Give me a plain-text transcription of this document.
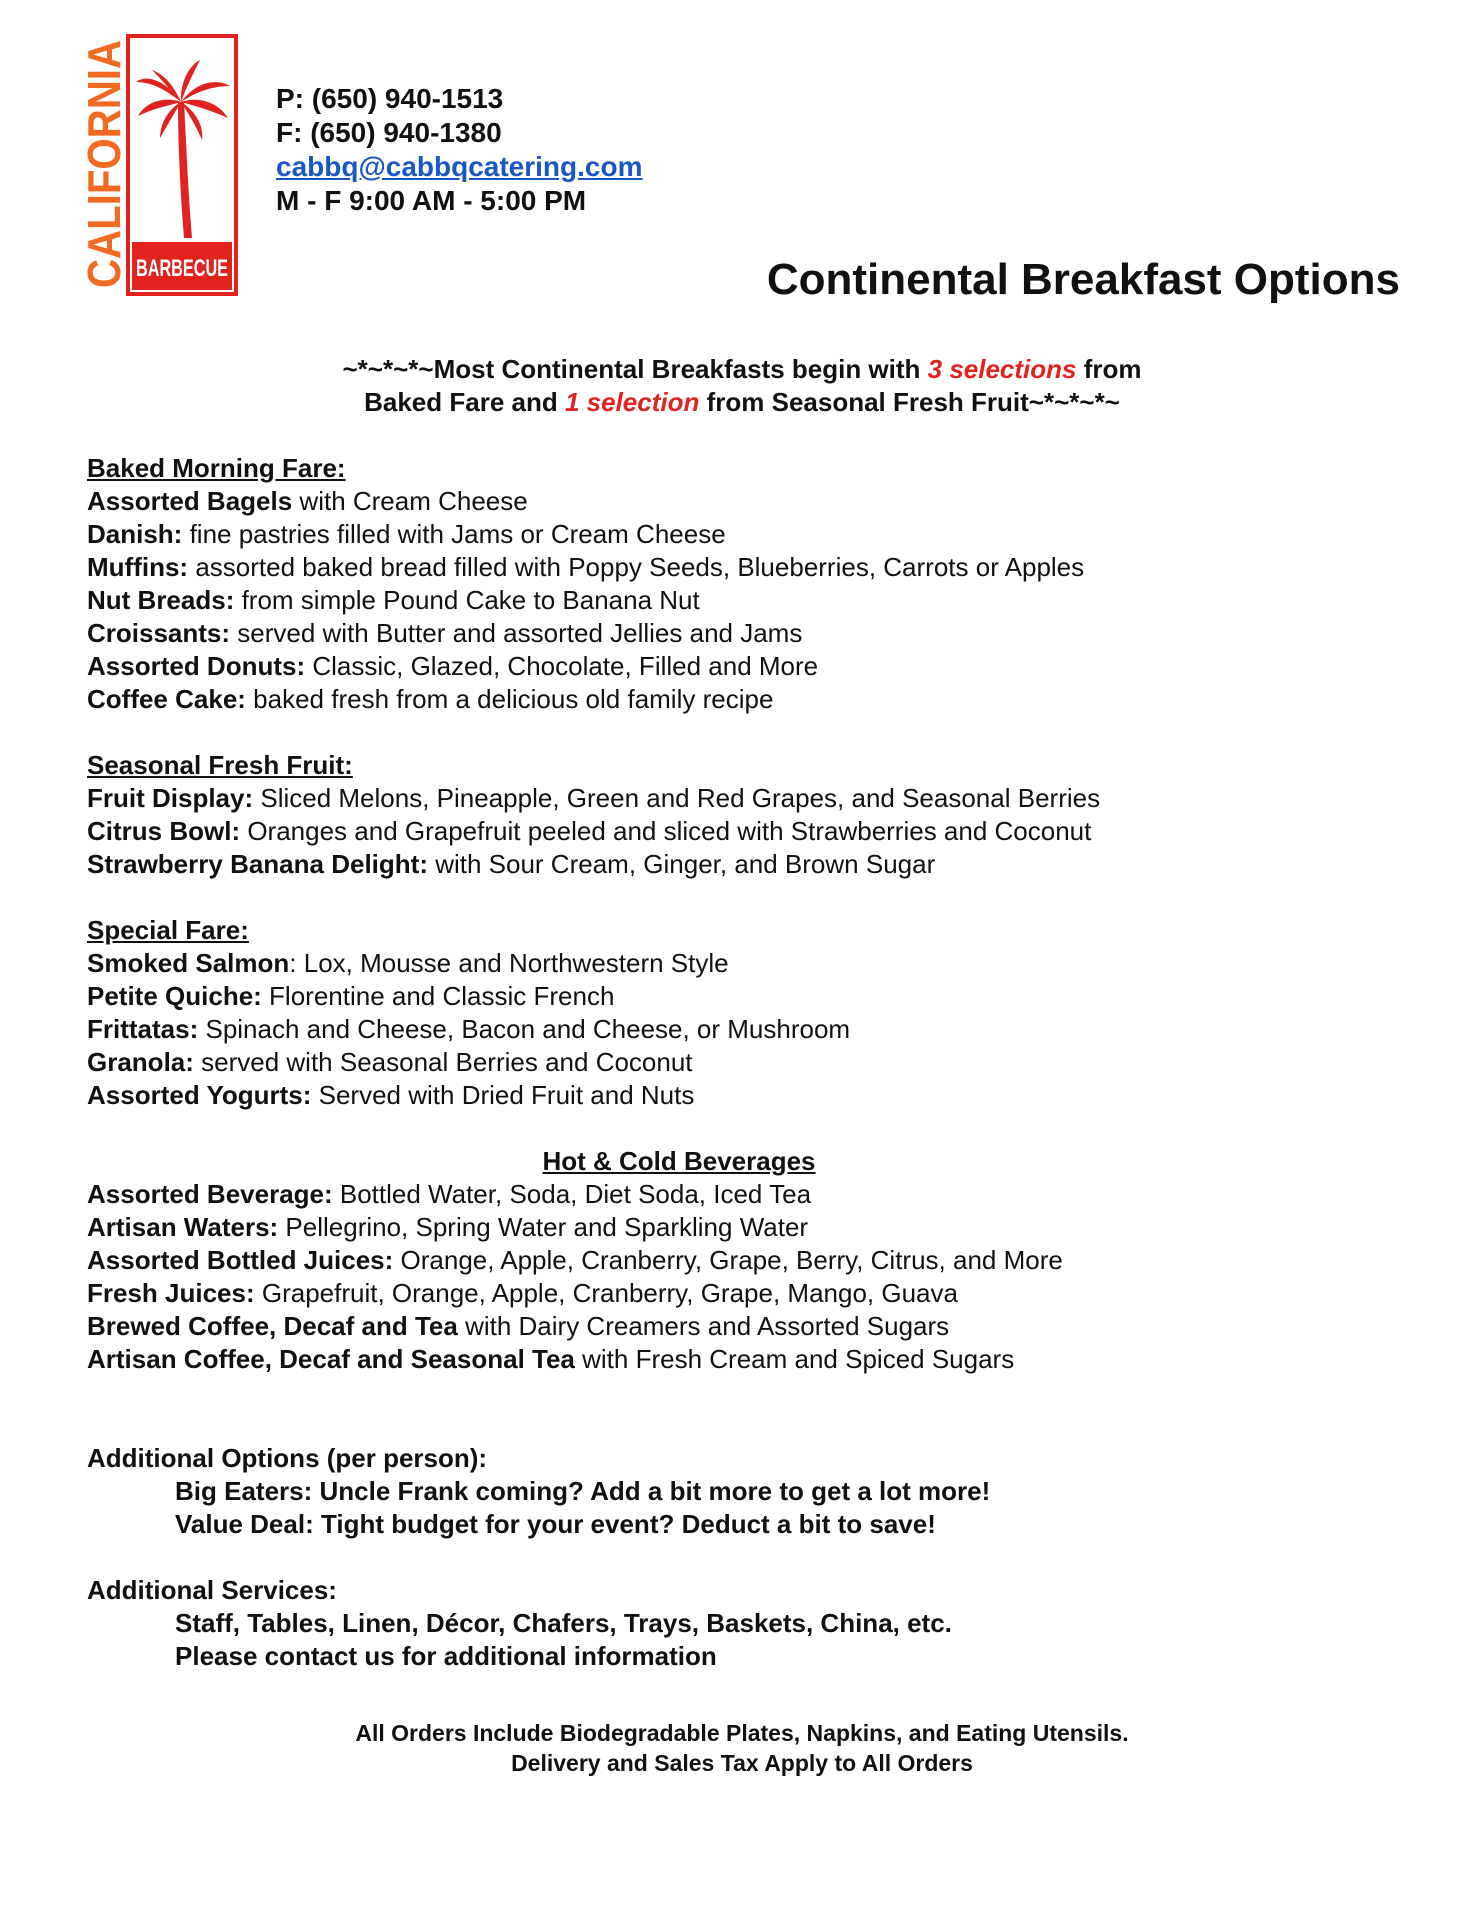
CALIFORNIA BARBECUE
P: (650) 940-1513
F: (650) 940-1380
cabbq@cabbqcatering.com
M - F 9:00 AM - 5:00 PM
Continental Breakfast Options
~*~*~*~Most Continental Breakfasts begin with 3 selections from
Baked Fare and 1 selection from Seasonal Fresh Fruit~*~*~*~
Baked Morning Fare:
Assorted Bagels with Cream Cheese
Danish: fine pastries filled with Jams or Cream Cheese
Muffins: assorted baked bread filled with Poppy Seeds, Blueberries, Carrots or Apples
Nut Breads: from simple Pound Cake to Banana Nut
Croissants: served with Butter and assorted Jellies and Jams
Assorted Donuts: Classic, Glazed, Chocolate, Filled and More
Coffee Cake: baked fresh from a delicious old family recipe
Seasonal Fresh Fruit:
Fruit Display: Sliced Melons, Pineapple, Green and Red Grapes, and Seasonal Berries
Citrus Bowl: Oranges and Grapefruit peeled and sliced with Strawberries and Coconut
Strawberry Banana Delight: with Sour Cream, Ginger, and Brown Sugar
Special Fare:
Smoked Salmon: Lox, Mousse and Northwestern Style
Petite Quiche: Florentine and Classic French
Frittatas: Spinach and Cheese, Bacon and Cheese, or Mushroom
Granola: served with Seasonal Berries and Coconut
Assorted Yogurts: Served with Dried Fruit and Nuts
Hot & Cold Beverages
Assorted Beverage: Bottled Water, Soda, Diet Soda, Iced Tea
Artisan Waters: Pellegrino, Spring Water and Sparkling Water
Assorted Bottled Juices: Orange, Apple, Cranberry, Grape, Berry, Citrus, and More
Fresh Juices: Grapefruit, Orange, Apple, Cranberry, Grape, Mango, Guava
Brewed Coffee, Decaf and Tea with Dairy Creamers and Assorted Sugars
Artisan Coffee, Decaf and Seasonal Tea with Fresh Cream and Spiced Sugars
Additional Options (per person):
Big Eaters: Uncle Frank coming? Add a bit more to get a lot more!
Value Deal: Tight budget for your event? Deduct a bit to save!
Additional Services:
Staff, Tables, Linen, Décor, Chafers, Trays, Baskets, China, etc.
Please contact us for additional information
All Orders Include Biodegradable Plates, Napkins, and Eating Utensils.
Delivery and Sales Tax Apply to All Orders
